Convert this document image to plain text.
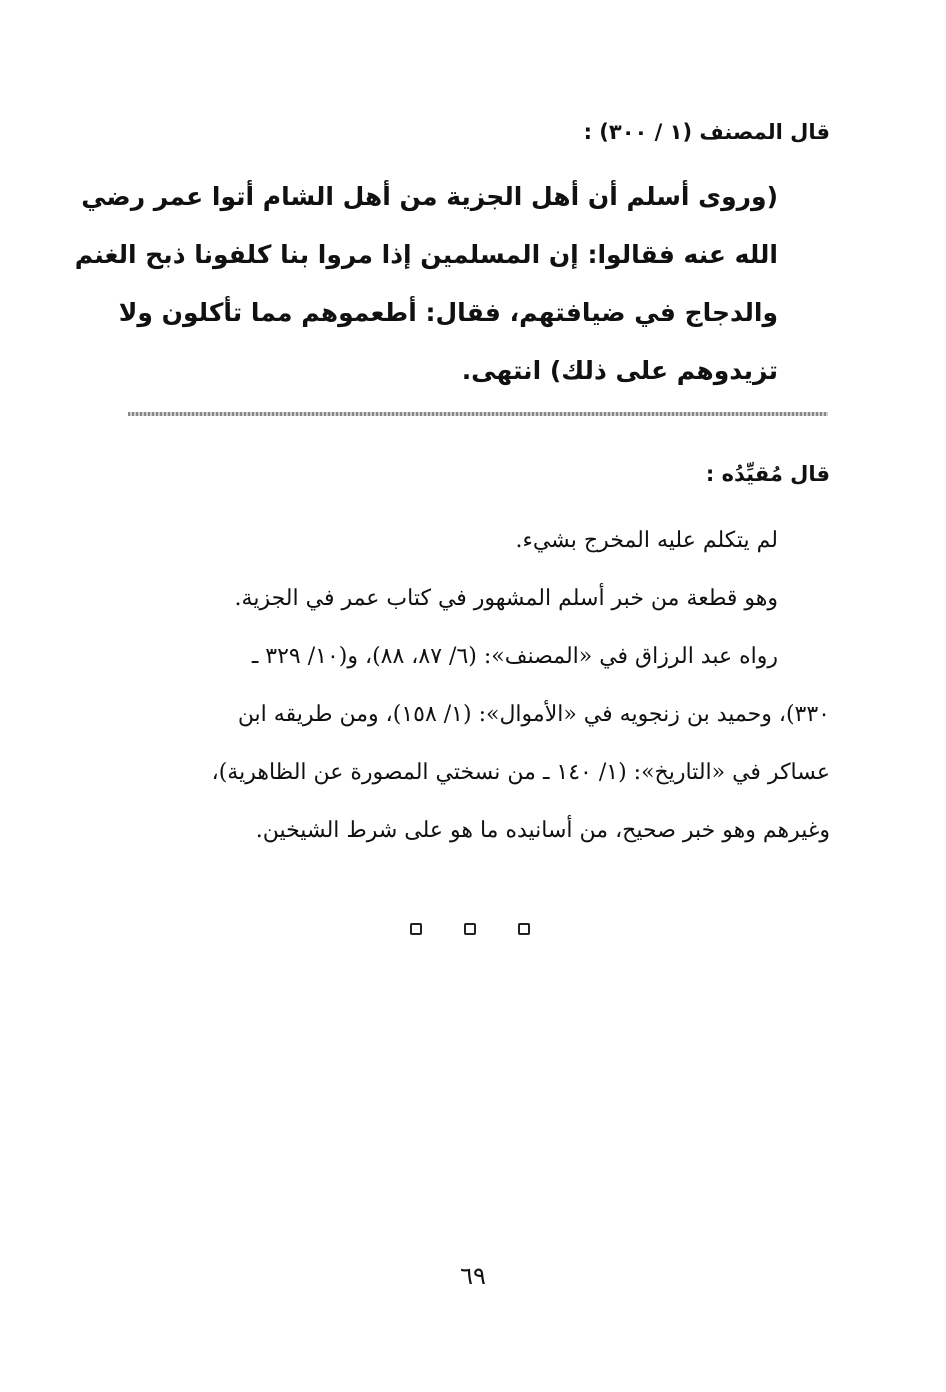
قال المصنف (١ / ٣٠٠) :
(وروى أسلم أن أهل الجزية من أهل الشام أتوا عمر رضي
الله عنه فقالوا: إن المسلمين إذا مروا بنا كلفونا ذبح الغنم
والدجاج في ضيافتهم، فقال: أطعموهم مما تأكلون ولا
تزيدوهم على ذلك) انتهى.
قال مُقيِّدُه :
لم يتكلم عليه المخرج بشيء.
وهو قطعة من خبر أسلم المشهور في كتاب عمر في الجزية.
رواه عبد الرزاق في «المصنف»: (٦/ ٨٧، ٨٨)، و(١٠/ ٣٢٩ ـ
٣٣٠)، وحميد بن زنجويه في «الأموال»: (١/ ١٥٨)، ومن طريقه ابن
عساكر في «التاريخ»: (١/ ١٤٠ ـ من نسختي المصورة عن الظاهرية)،
وغيرهم وهو خبر صحيح، من أسانيده ما هو على شرط الشيخين.
٦٩
